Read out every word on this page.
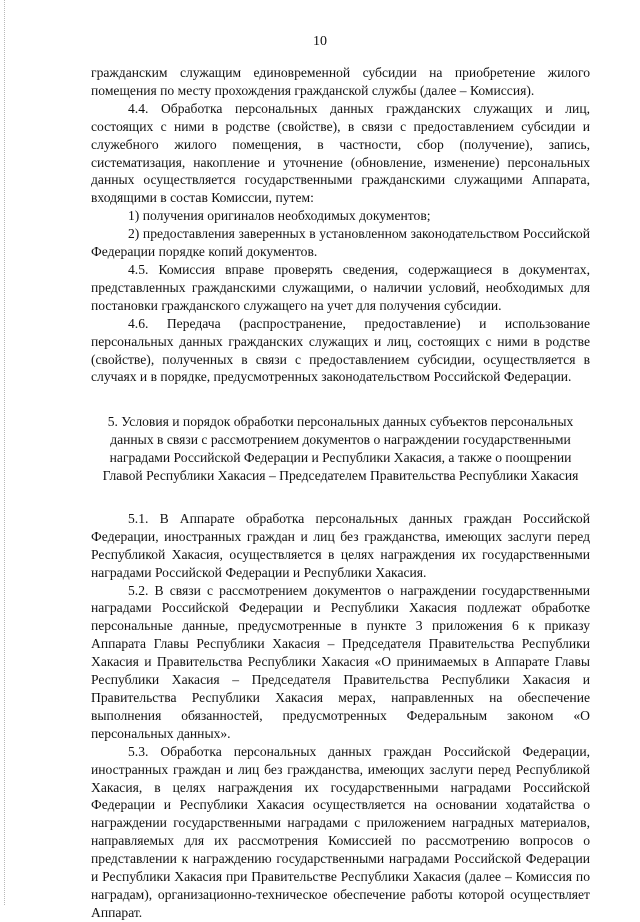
10

гражданским служащим единовременной субсидии на приобретение жилого помещения по месту прохождения гражданской службы (далее – Комиссия).

4.4. Обработка персональных данных гражданских служащих и лиц, состоящих с ними в родстве (свойстве), в связи с предоставлением субсидии и служебного жилого помещения, в частности, сбор (получение), запись, систематизация, накопление и уточнение (обновление, изменение) персональных данных осуществляется государственными гражданскими служащими Аппарата, входящими в состав Комиссии, путем:

1) получения оригиналов необходимых документов;

2) предоставления заверенных в установленном законодательством Российской Федерации порядке копий документов.

4.5. Комиссия вправе проверять сведения, содержащиеся в документах, представленных гражданскими служащими, о наличии условий, необходимых для постановки гражданского служащего на учет для получения субсидии.

4.6. Передача (распространение, предоставление) и использование персональных данных гражданских служащих и лиц, состоящих с ними в родстве (свойстве), полученных в связи с предоставлением субсидии, осуществляется в случаях и в порядке, предусмотренных законодательством Российской Федерации.

5. Условия и порядок обработки персональных данных субъектов персональных данных в связи с рассмотрением документов о награждении государственными наградами Российской Федерации и Республики Хакасия, а также о поощрении Главой Республики Хакасия – Председателем Правительства Республики Хакасия

5.1. В Аппарате обработка персональных данных граждан Российской Федерации, иностранных граждан и лиц без гражданства, имеющих заслуги перед Республикой Хакасия, осуществляется в целях награждения их государственными наградами Российской Федерации и Республики Хакасия.

5.2. В связи с рассмотрением документов о награждении государственными наградами Российской Федерации и Республики Хакасия подлежат обработке персональные данные, предусмотренные в пункте 3 приложения 6 к приказу Аппарата Главы Республики Хакасия – Председателя Правительства Республики Хакасия и Правительства Республики Хакасия «О принимаемых в Аппарате Главы Республики Хакасия – Председателя Правительства Республики Хакасия и Правительства Республики Хакасия мерах, направленных на обеспечение выполнения обязанностей, предусмотренных Федеральным законом «О персональных данных».

5.3. Обработка персональных данных граждан Российской Федерации, иностранных граждан и лиц без гражданства, имеющих заслуги перед Республикой Хакасия, в целях награждения их государственными наградами Российской Федерации и Республики Хакасия осуществляется на основании ходатайства о награждении государственными наградами с приложением наградных материалов, направляемых для их рассмотрения Комиссией по рассмотрению вопросов о представлении к награждению государственными наградами Российской Федерации и Республики Хакасия при Правительстве Республики Хакасия (далее – Комиссия по наградам), организационно-техническое обеспечение работы которой осуществляет Аппарат.
